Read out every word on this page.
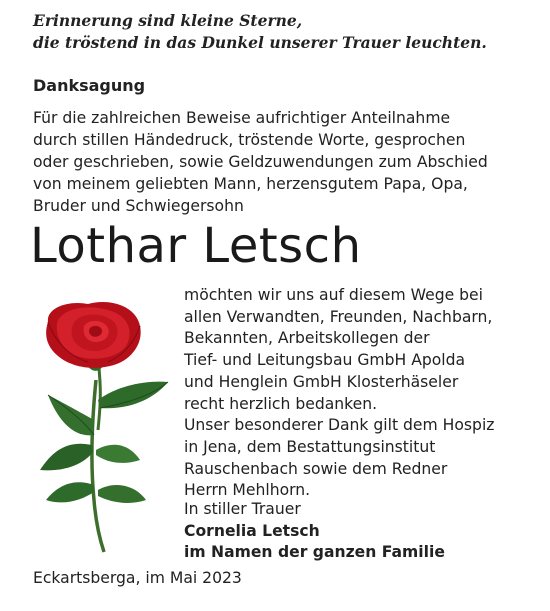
Erinnerung sind kleine Sterne,
die tröstend in das Dunkel unserer Trauer leuchten.
Danksagung
Für die zahlreichen Beweise aufrichtiger Anteilnahme
durch stillen Händedruck, tröstende Worte, gesprochen
oder geschrieben, sowie Geldzuwendungen zum Abschied
von meinem geliebten Mann, herzensgutem Papa, Opa,
Bruder und Schwiegersohn
Lothar Letsch
möchten wir uns auf diesem Wege bei
allen Verwandten, Freunden, Nachbarn,
Bekannten, Arbeitskollegen der
Tief- und Leitungsbau GmbH Apolda
und Henglein GmbH Klosterhäseler
recht herzlich bedanken.
Unser besonderer Dank gilt dem Hospiz
in Jena, dem Bestattungsinstitut
Rauschenbach sowie dem Redner
Herrn Mehlhorn.
In stiller Trauer
Cornelia Letsch
im Namen der ganzen Familie
Eckartsberga, im Mai 2023
